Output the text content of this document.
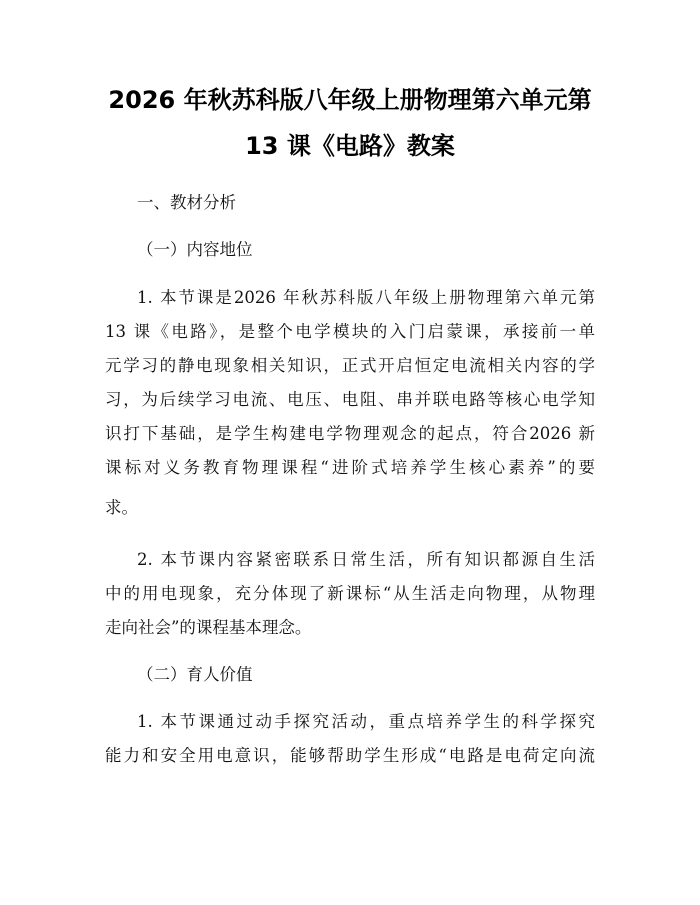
2026 年秋苏科版八年级上册物理第六单元第
13 课《电路》教案
一、教材分析
（一）内容地位
1. 本节课是2026 年秋苏科版八年级上册物理第六单元第
13 课《电路》，是整个电学模块的入门启蒙课，承接前一单
元学习的静电现象相关知识，正式开启恒定电流相关内容的学
习，为后续学习电流、电压、电阻、串并联电路等核心电学知
识打下基础，是学生构建电学物理观念的起点，符合2026 新
课标对义务教育物理课程“进阶式培养学生核心素养”的要
求。
2. 本节课内容紧密联系日常生活，所有知识都源自生活
中的用电现象，充分体现了新课标“从生活走向物理，从物理
走向社会”的课程基本理念。
（二）育人价值
1. 本节课通过动手探究活动，重点培养学生的科学探究
能力和安全用电意识，能够帮助学生形成“电路是电荷定向流
